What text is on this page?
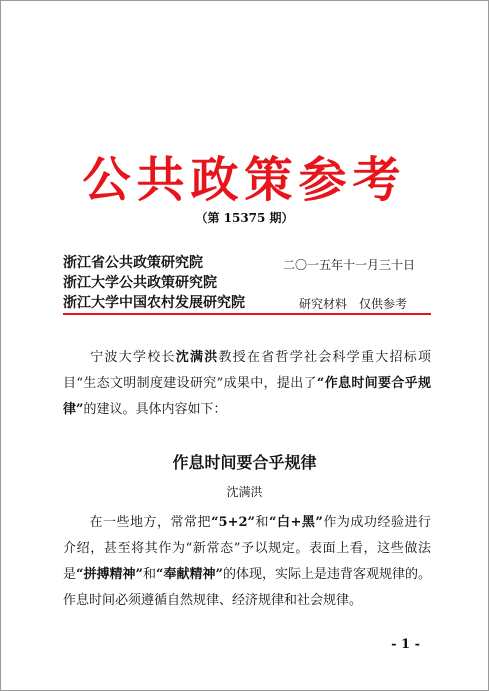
公共政策参考
（第 15375 期）
浙江省公共政策研究院
浙江大学公共政策研究院
浙江大学中国农村发展研究院
二〇一五年十一月三十日
研究材料　仅供参考
宁波大学校长沈满洪教授在省哲学社会科学重大招标项目“生态文明制度建设研究”成果中，提出了“作息时间要合乎规律”的建议。具体内容如下：
作息时间要合乎规律
沈满洪
在一些地方，常常把“5+2”和“白+黑”作为成功经验进行介绍，甚至将其作为“新常态”予以规定。表面上看，这些做法是“拼搏精神”和“奉献精神”的体现，实际上是违背客观规律的。作息时间必须遵循自然规律、经济规律和社会规律。
- 1 -
